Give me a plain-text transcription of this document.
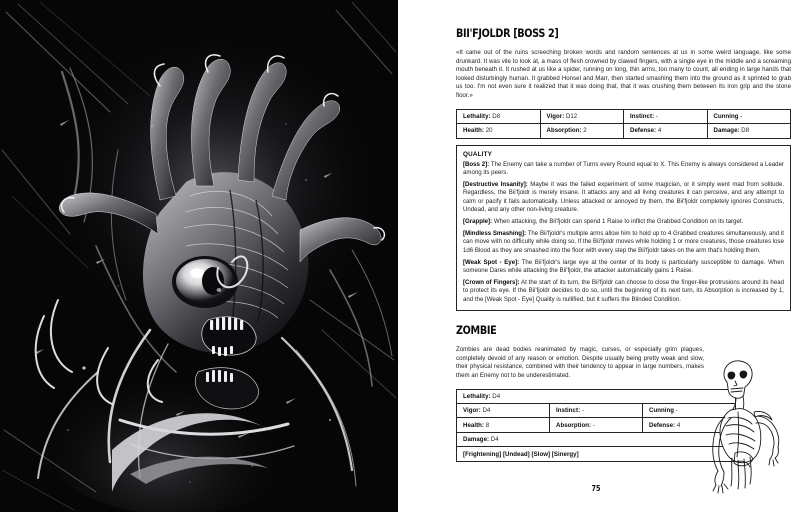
BII'FJOLDR [BOSS 2]

«It came out of the ruins screeching broken words and random sentences at us in some weird language, like some drunkard. It was vile to look at, a mass of flesh crowned by clawed fingers, with a single eye in the middle and a screaming mouth beneath it. It rushed at us like a spider, running on long, thin arms, too many to count, all ending in large hands that looked disturbingly human. It grabbed Honsel and Marr, then started smashing them into the ground as it sprinted to grab us too. I'm not even sure it realized that it was doing that, that it was crushing them between its iron grip and the stone floor.»

Lethality: D8	Vigor: D12	Instinct: -	Cunning -
Health: 20	Absorption: 2	Defense: 4	Damage: D8
QUALITY

[Boss 2]: The Enemy can take a number of Turns every Round equal to X. This Enemy is always considered a Leader among its peers.

[Destructive Insanity]: Maybe it was the failed experiment of some magician, or it simply went mad from solitude. Regardless, the Bii'fjoldr is merely insane. It attacks any and all living creatures it can perceive, and any attempt to calm or pacify it fails automatically. Unless attacked or annoyed by them, the Bii'fjoldr completely ignores Constructs, Undead, and any other non-living creature.

[Grapple]: When attacking, the Bii'fjoldr can spend 1 Raise to inflict the Grabbed Condition on its target.

[Mindless Smashing]: The Bii'fjoldr's multiple arms allow him to hold up to 4 Grabbed creatures simultaneously, and it can move with no difficulty while doing so. If the Bii'fjoldr moves while holding 1 or more creatures, those creatures lose 1d6 Blood as they are smashed into the floor with every step the Bii'fjoldr takes on the arm that's holding them.

[Weak Spot - Eye]: The Bii'fjoldr's large eye at the center of its body is particularly susceptible to damage. When someone Dares while attacking the Bii'fjoldr, the attacker automatically gains 1 Raise.

[Crown of Fingers]: At the start of its turn, the Bii'fjoldr can choose to close the finger-like protrusions around its head to protect its eye. If the Bii'fjoldr decides to do so, until the beginning of its next turn, its Absorption is increased by 1, and the [Weak Spot - Eye] Quality is nullified, but it suffers the Blinded Condition.

ZOMBIE

Zombies are dead bodies reanimated by magic, curses, or especially grim plagues, completely devoid of any reason or emotion. Despite usually being pretty weak and slow, their physical resistance, combined with their tendency to appear in large numbers, makes them an Enemy not to be underestimated.

Lethality: D4		
Vigor: D4	Instinct: -	Cunning -
Health: 8	Absorption: -	Defense: 4
Damage: D4		
[Frightening] [Undead] [Slow] [Sinergy]		
75
